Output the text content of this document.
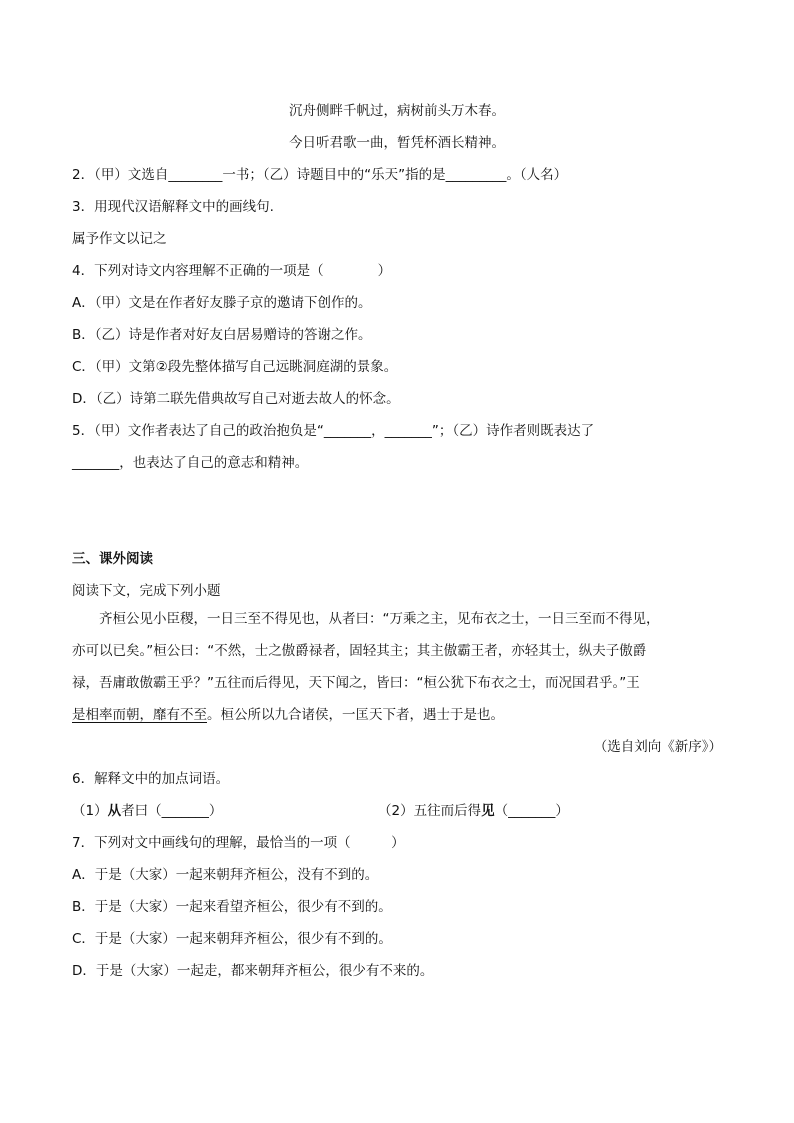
沉舟侧畔千帆过，病树前头万木春。
今日听君歌一曲，暂凭杯酒长精神。
2．（甲）文选自________一书；（乙）诗题目中的“乐天”指的是_________。（人名）
3．用现代汉语解释文中的画线句.
属予作文以记之
4．下列对诗文内容理解不正确的一项是（　　　　）
A．（甲）文是在作者好友滕子京的邀请下创作的。
B．（乙）诗是作者对好友白居易赠诗的答谢之作。
C．（甲）文第②段先整体描写自己远眺洞庭湖的景象。
D．（乙）诗第二联先借典故写自己对逝去故人的怀念。
5．（甲）文作者表达了自己的政治抱负是“_______，_______”；（乙）诗作者则既表达了
_______，也表达了自己的意志和精神。
三、课外阅读
阅读下文，完成下列小题
齐桓公见小臣稷，一日三至不得见也，从者曰：“万乘之主，见布衣之士，一日三至而不得见，
亦可以已矣。”桓公曰：“不然，士之傲爵禄者，固轻其主；其主傲霸王者，亦轻其士，纵夫子傲爵
禄，吾庸敢傲霸王乎？”五往而后得见，天下闻之，皆曰：“桓公犹下布衣之士，而况国君乎。”王
是相率而朝，靡有不至。桓公所以九合诸侯，一匡天下者，遇士于是也。
（选自刘向《新序》）
6．解释文中的加点词语。
（1）从者曰（_______）	（2）五往而后得见（_______）
7．下列对文中画线句的理解，最恰当的一项（　　　）
A．于是（大家）一起来朝拜齐桓公，没有不到的。
B．于是（大家）一起来看望齐桓公，很少有不到的。
C．于是（大家）一起来朝拜齐桓公，很少有不到的。
D．于是（大家）一起走，都来朝拜齐桓公，很少有不来的。
